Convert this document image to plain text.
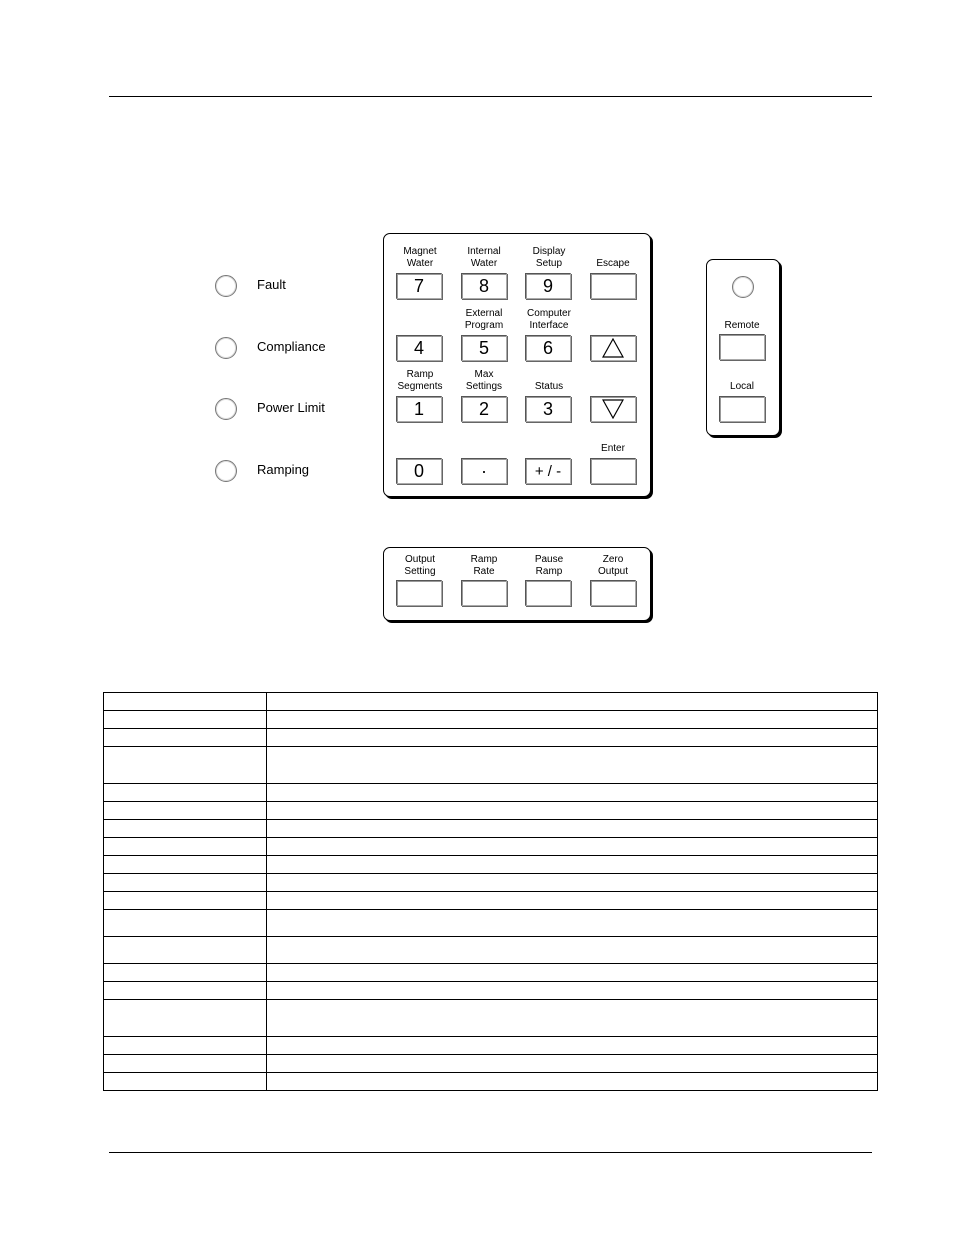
Fault
Compliance
Power Limit
Ramping
Magnet
Water
7
Internal
Water
8
Display
Setup
9
Escape
4
External
Program
5
Computer
Interface
6
Ramp
Segments
1
Max
Settings
2
Status
3
0	·	+ / -
Enter
Remote
Local
Output
Setting
Ramp
Rate
Pause
Ramp
Zero
Output
